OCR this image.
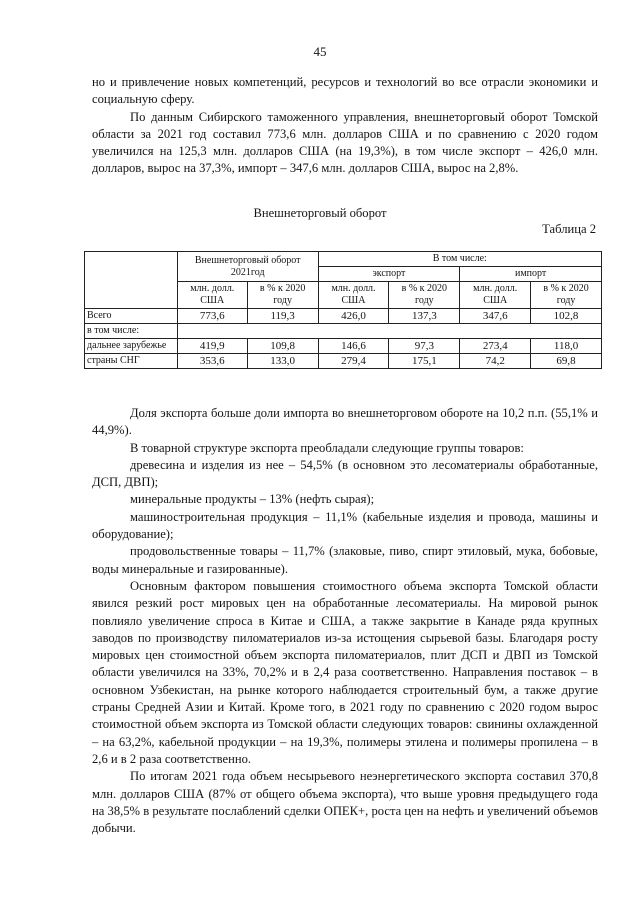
45

но и привлечение новых компетенций, ресурсов и технологий во все отрасли экономики и социальную сферу.

По данным Сибирского таможенного управления, внешнеторговый оборот Томской области за 2021 год составил 773,6 млн. долларов США и по сравнению с 2020 годом увеличился на 125,3 млн. долларов США (на 19,3%), в том числе экспорт – 426,0 млн. долларов, вырос на 37,3%, импорт – 347,6 млн. долларов США, вырос на 2,8%.

Внешнеторговый оборот
Таблица 2
	Внешнеторговый оборот 2021год		В том числе:			
			экспорт		импорт	
	млн. долл. США	в % к 2020 году	млн. долл. США	в % к 2020 году	млн. долл. США	в % к 2020 году
Всего	773,6	119,3	426,0	137,3	347,6	102,8
в том числе:						
дальнее зарубежье	419,9	109,8	146,6	97,3	273,4	118,0
страны СНГ	353,6	133,0	279,4	175,1	74,2	69,8

Доля экспорта больше доли импорта во внешнеторговом обороте на 10,2 п.п. (55,1% и 44,9%).

В товарной структуре экспорта преобладали следующие группы товаров:

древесина и изделия из нее – 54,5% (в основном это лесоматериалы обработанные, ДСП, ДВП);

минеральные продукты – 13% (нефть сырая);

машиностроительная продукция – 11,1% (кабельные изделия и провода, машины и оборудование);

продовольственные товары – 11,7% (злаковые, пиво, спирт этиловый, мука, бобовые, воды минеральные и газированные).

Основным фактором повышения стоимостного объема экспорта Томской области явился резкий рост мировых цен на обработанные лесоматериалы. На мировой рынок повлияло увеличение спроса в Китае и США, а также закрытие в Канаде ряда крупных заводов по производству пиломатериалов из-за истощения сырьевой базы. Благодаря росту мировых цен стоимостной объем экспорта пиломатериалов, плит ДСП и ДВП из Томской области увеличился на 33%, 70,2% и в 2,4 раза соответственно. Направления поставок – в основном Узбекистан, на рынке которого наблюдается строительный бум, а также другие страны Средней Азии и Китай. Кроме того, в 2021 году по сравнению с 2020 годом вырос стоимостной объем экспорта из Томской области следующих товаров: свинины охлажденной – на 63,2%, кабельной продукции – на 19,3%, полимеры этилена и полимеры пропилена – в 2,6 и в 2 раза соответственно.

По итогам 2021 года объем несырьевого неэнергетического экспорта составил 370,8 млн. долларов США (87% от общего объема экспорта), что выше уровня предыдущего года на 38,5% в результате послаблений сделки ОПЕК+, роста цен на нефть и увеличений объемов добычи.
